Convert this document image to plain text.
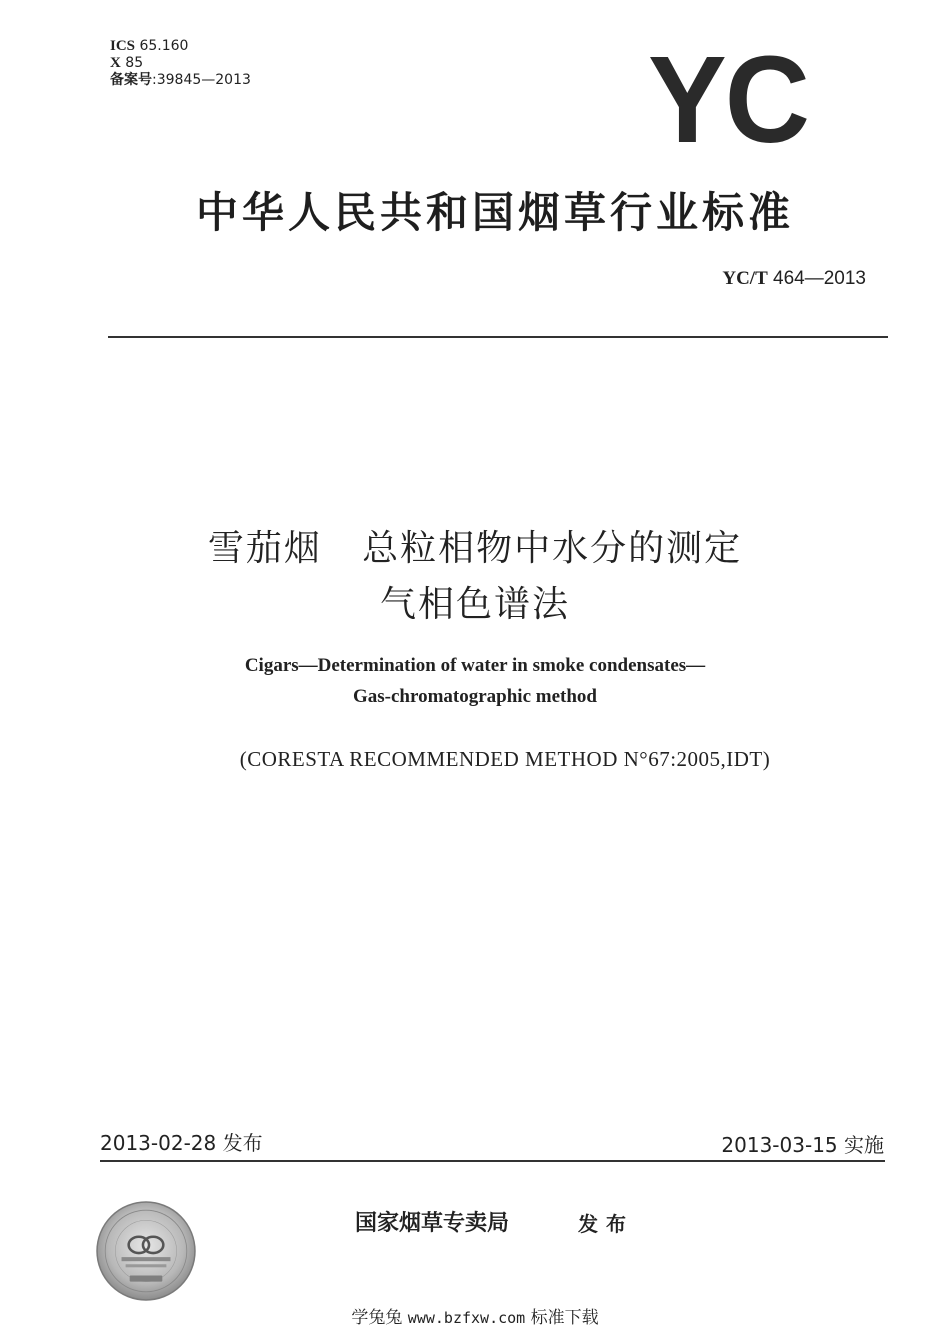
ICS 65.160
X 85
备案号:39845—2013	YC
中华人民共和国烟草行业标准
YC/T 464—2013
雪茄烟   总粒相物中水分的测定
气相色谱法
Cigars—Determination of water in smoke condensates—
Gas-chromatographic method
(CORESTA RECOMMENDED METHOD N°67:2005,IDT)
2013-02-28 发布	2013-03-15 实施
国家烟草专卖局	发布
学兔兔 www.bzfxw.com 标准下载
